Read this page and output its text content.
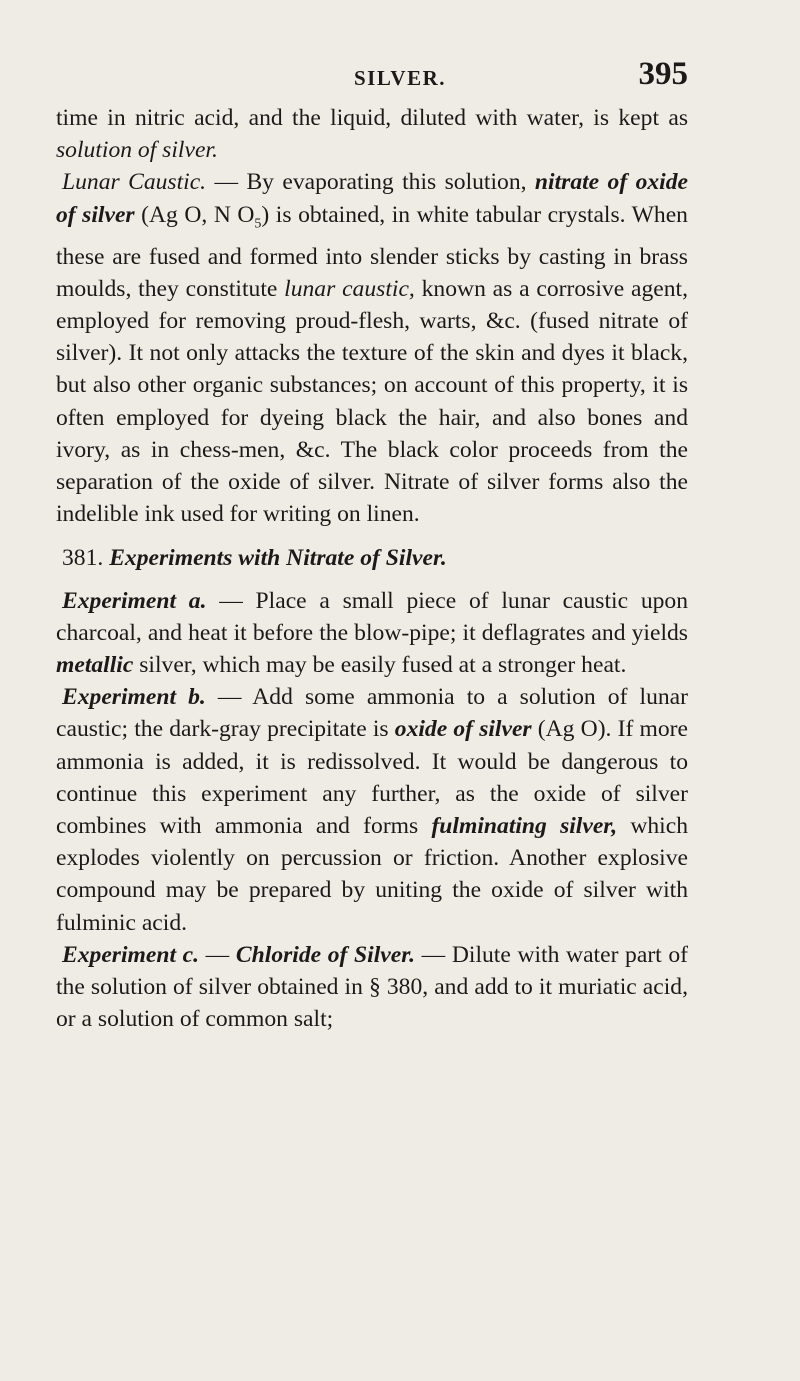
SILVER.	395

time in nitric acid, and the liquid, diluted with water, is kept as solution of silver.

Lunar Caustic. — By evaporating this solution, nitrate of oxide of silver (Ag O, N $O_5$) is obtained, in white tabular crystals. When these are fused and formed into slender sticks by casting in brass moulds, they constitute lunar caustic, known as a corrosive agent, employed for removing proud-flesh, warts, &c. (fused nitrate of silver). It not only attacks the texture of the skin and dyes it black, but also other organic substances; on account of this property, it is often employed for dyeing black the hair, and also bones and ivory, as in chess-men, &c. The black color proceeds from the separation of the oxide of silver. Nitrate of silver forms also the indelible ink used for writing on linen.

381. Experiments with Nitrate of Silver.

Experiment a. — Place a small piece of lunar caustic upon charcoal, and heat it before the blow-pipe; it deflagrates and yields metallic silver, which may be easily fused at a stronger heat.

Experiment b. — Add some ammonia to a solution of lunar caustic; the dark-gray precipitate is oxide of silver (Ag O). If more ammonia is added, it is redissolved. It would be dangerous to continue this experiment any further, as the oxide of silver combines with ammonia and forms fulminating silver, which explodes violently on percussion or friction. Another explosive compound may be prepared by uniting the oxide of silver with fulminic acid.

Experiment c. — Chloride of Silver. — Dilute with water part of the solution of silver obtained in § 380, and add to it muriatic acid, or a solution of common salt;
